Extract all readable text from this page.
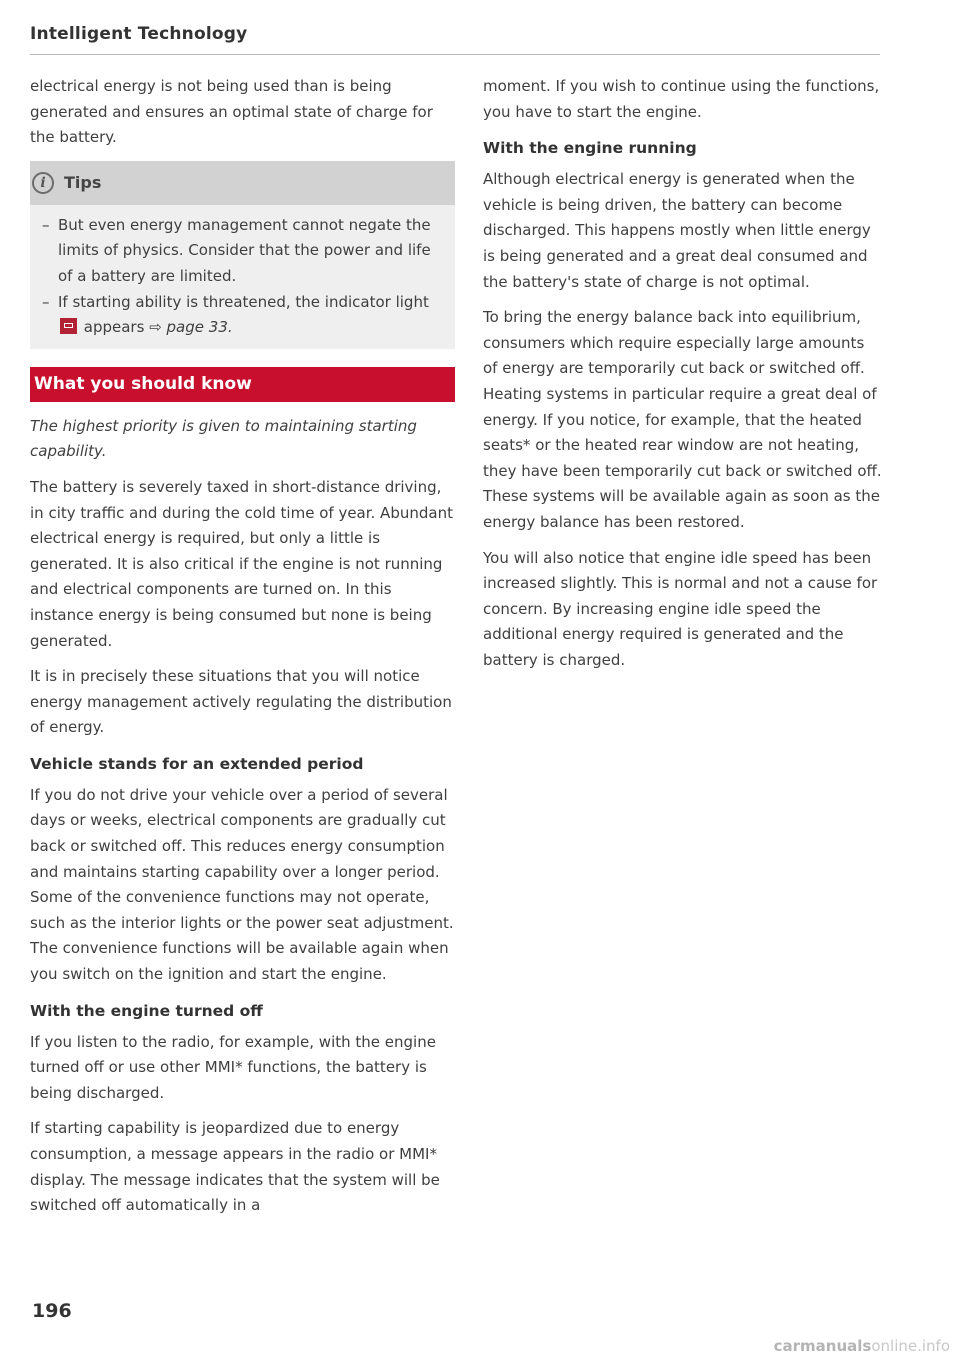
Intelligent Technology

electrical energy is not being used than is being generated and ensures an optimal state of charge for the battery.

i	Tips
– But even energy management cannot negate the limits of physics. Consider that the power and life of a battery are limited.
– If starting ability is threatened, the indicator light  appears ⇨ page 33.
What you should know

The highest priority is given to maintaining starting capability.

The battery is severely taxed in short-distance driving, in city traffic and during the cold time of year. Abundant electrical energy is required, but only a little is generated. It is also critical if the engine is not running and electrical components are turned on. In this instance energy is being consumed but none is being generated.

It is in precisely these situations that you will notice energy management actively regulating the distribution of energy.

Vehicle stands for an extended period

If you do not drive your vehicle over a period of several days or weeks, electrical components are gradually cut back or switched off. This reduces energy consumption and maintains starting capability over a longer period. Some of the convenience functions may not operate, such as the interior lights or the power seat adjustment. The convenience functions will be available again when you switch on the ignition and start the engine.

With the engine turned off

If you listen to the radio, for example, with the engine turned off or use other MMI* functions, the battery is being discharged.

If starting capability is jeopardized due to energy consumption, a message appears in the radio or MMI* display. The message indicates that the system will be switched off automatically in a

moment. If you wish to continue using the functions, you have to start the engine.

With the engine running

Although electrical energy is generated when the vehicle is being driven, the battery can become discharged. This happens mostly when little energy is being generated and a great deal consumed and the battery's state of charge is not optimal.

To bring the energy balance back into equilibrium, consumers which require especially large amounts of energy are temporarily cut back or switched off. Heating systems in particular require a great deal of energy. If you notice, for example, that the heated seats* or the heated rear window are not heating, they have been temporarily cut back or switched off. These systems will be available again as soon as the energy balance has been restored.

You will also notice that engine idle speed has been increased slightly. This is normal and not a cause for concern. By increasing engine idle speed the additional energy required is generated and the battery is charged.

196
carmanualsonline.info
